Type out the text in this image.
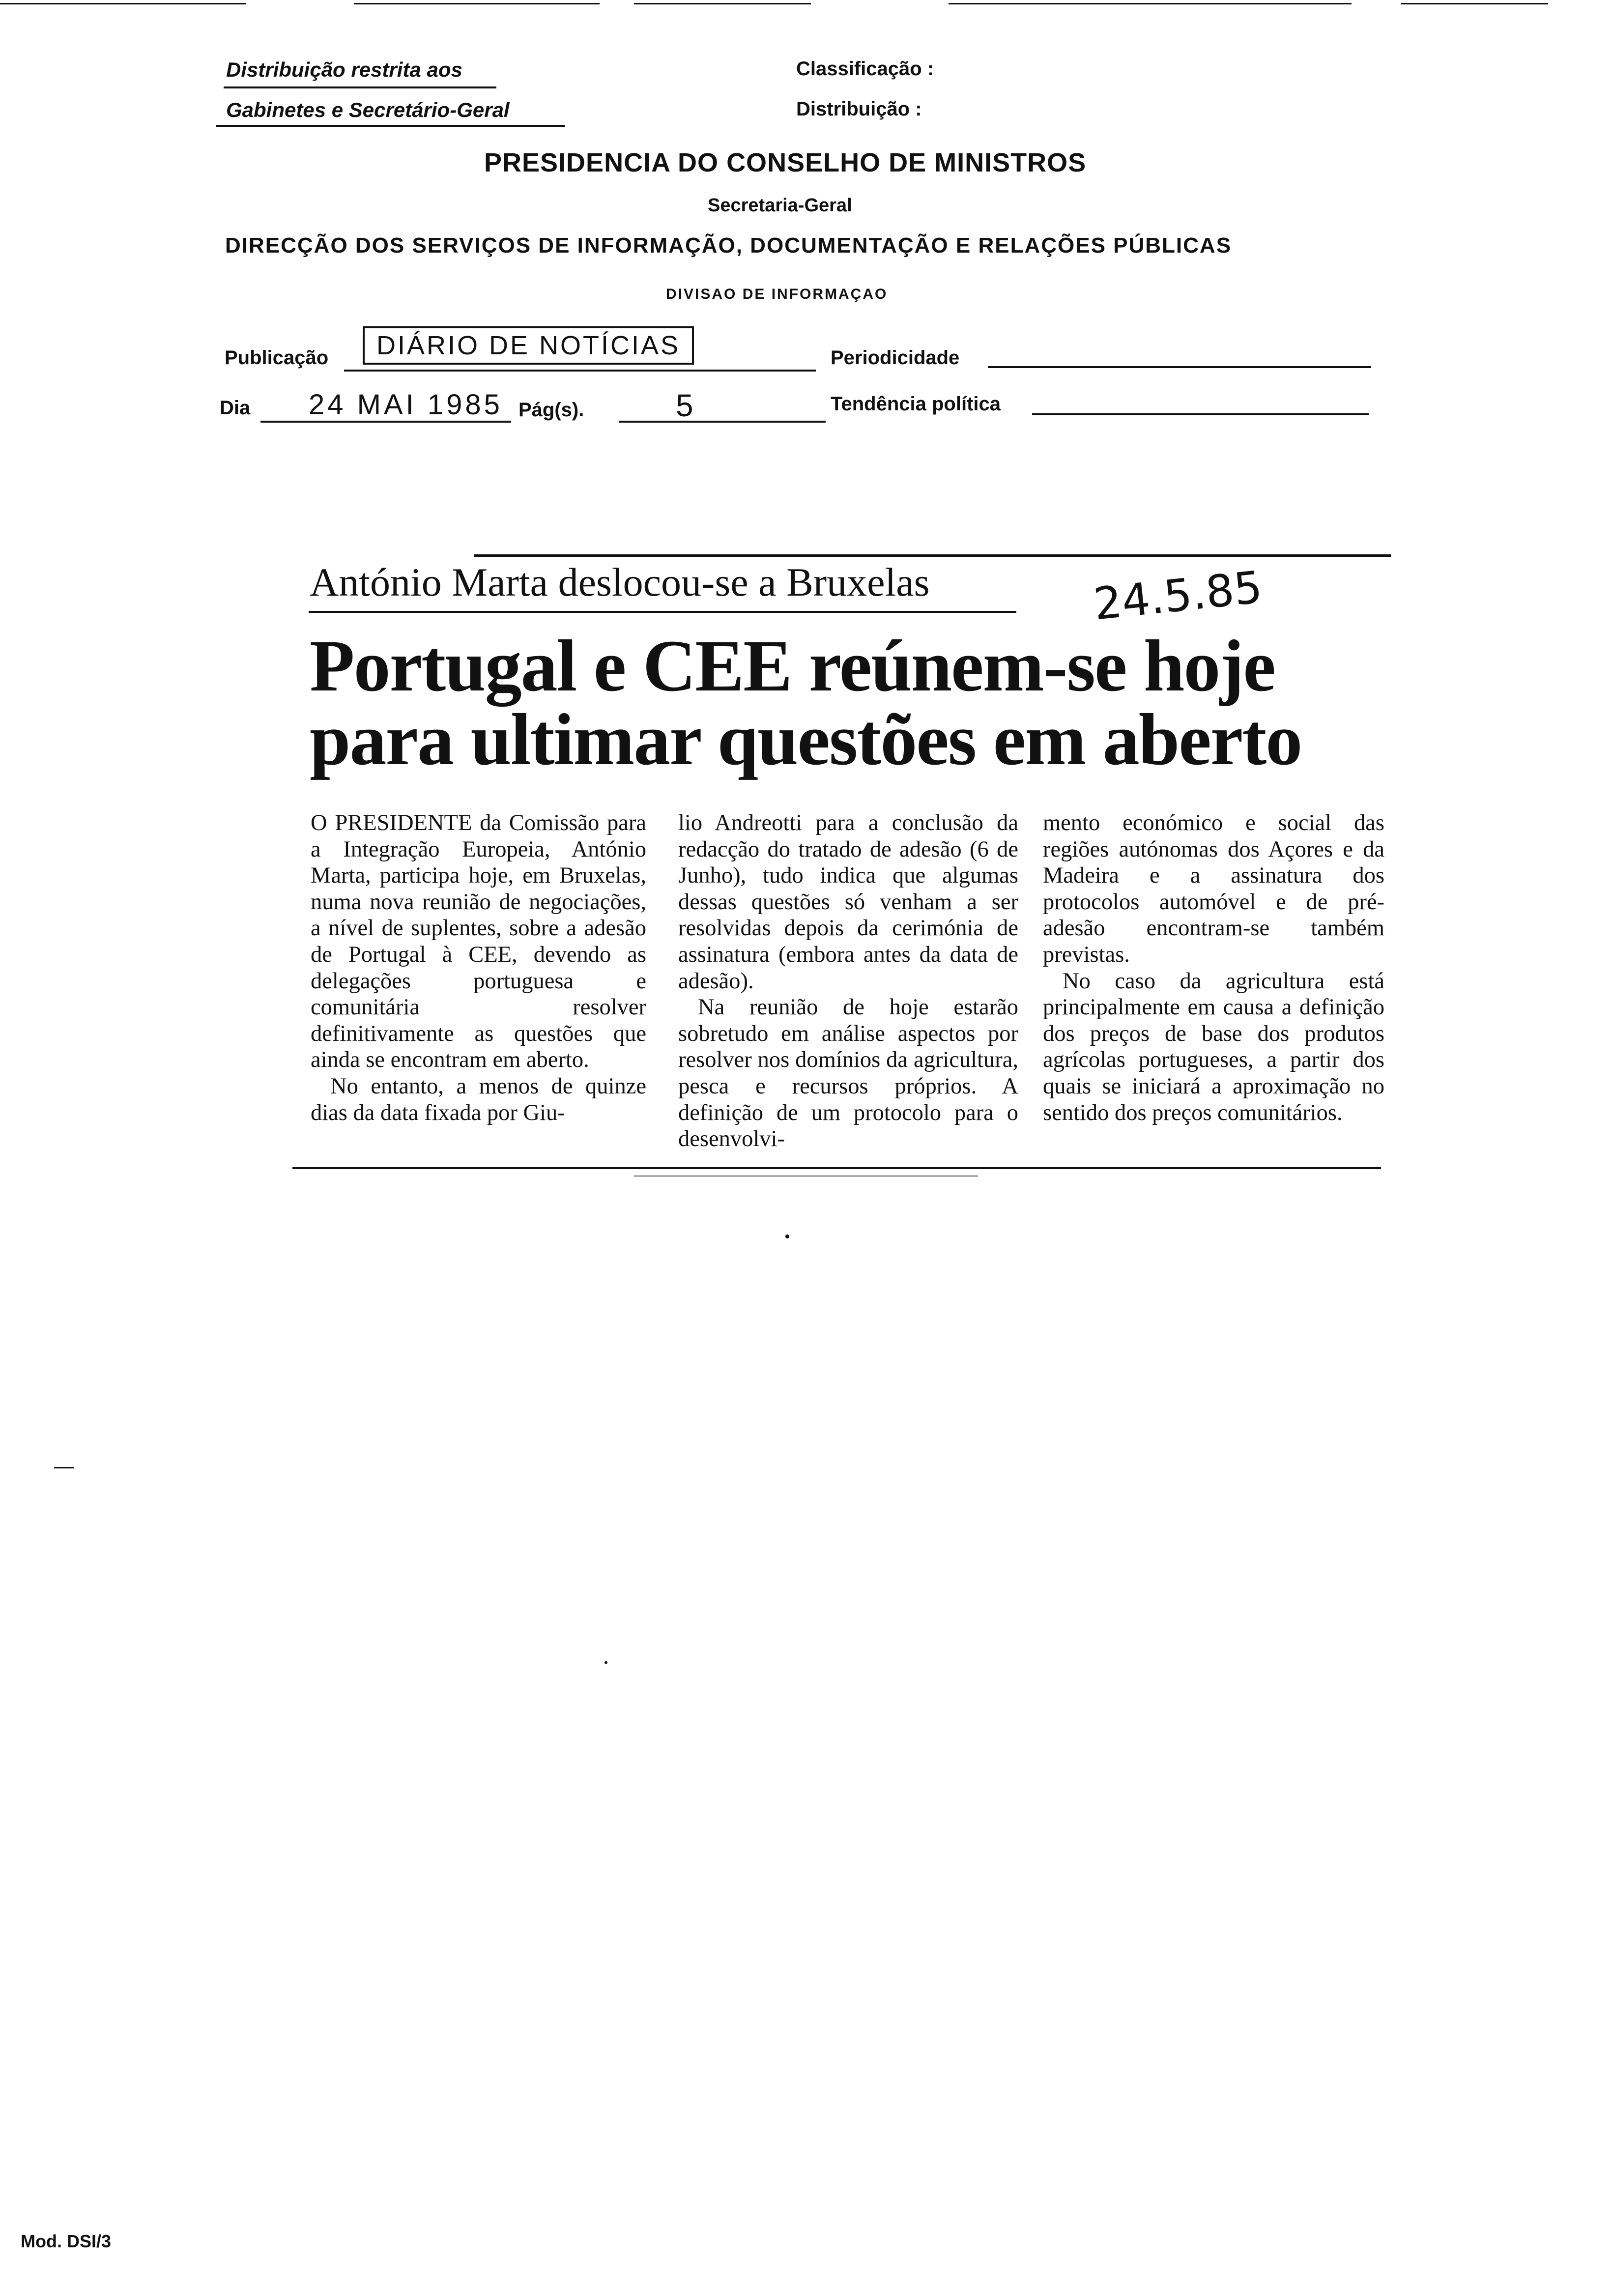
Distribuição restrita aos
Gabinetes e Secretário-Geral
Classificação :
Distribuição :
PRESIDENCIA DO CONSELHO DE MINISTROS
Secretaria-Geral
DIRECÇÃO DOS SERVIÇOS DE INFORMAÇÃO, DOCUMENTAÇÃO E RELAÇÕES PÚBLICAS
DIVISAO DE INFORMAÇAO
Publicação	DIÁRIO DE NOTÍCIAS	Periodicidade
Dia 24 MAI 1985 Pág(s).	5	Tendência política
António Marta deslocou-se a Bruxelas	24.5.85
Portugal e CEE reúnem-se hoje
para ultimar questões em aberto

O PRESIDENTE da Comissão para a Integração Europeia, António Marta, participa hoje, em Bruxelas, numa nova reunião de negociações, a nível de suplentes, sobre a adesão de Portugal à CEE, devendo as delegações portuguesa e comunitária resolver definitivamente as questões que ainda se encontram em aberto.

No entanto, a menos de quinze dias da data fixada por Giu-

lio Andreotti para a conclusão da redacção do tratado de adesão (6 de Junho), tudo indica que algumas dessas questões só venham a ser resolvidas depois da cerimónia de assinatura (embora antes da data de adesão).

Na reunião de hoje estarão sobretudo em análise aspectos por resolver nos domínios da agricultura, pesca e recursos próprios. A definição de um protocolo para o desenvolvi-

mento económico e social das regiões autónomas dos Açores e da Madeira e a assinatura dos protocolos automóvel e de pré-adesão encontram-se também previstas.

No caso da agricultura está principalmente em causa a definição dos preços de base dos produtos agrícolas portugueses, a partir dos quais se iniciará a aproximação no sentido dos preços comunitários.

Mod. DSI/3
